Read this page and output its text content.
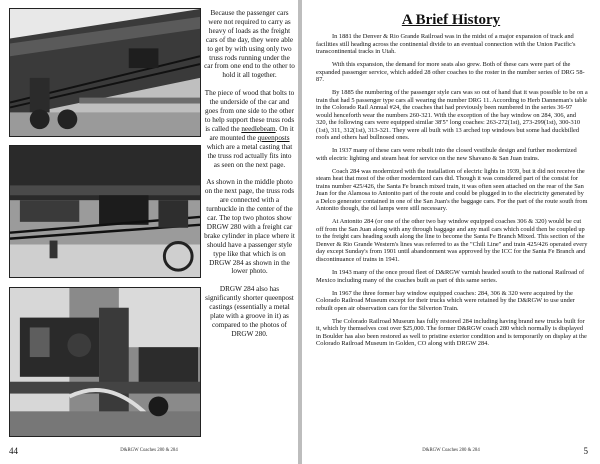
Because the passenger cars were not required to carry as heavy of loads as the freight cars of the day, they were able to get by with using only two truss rods running under the car from one end to the other to hold it all together.

The piece of wood that bolts to the underside of the car and goes from one side to the other to help support these truss rods is called the needlebeam. On it are mounted the queenposts which are a metal casting that the truss rod actually fits into as seen on the next page.

As shown in the middle photo on the next page, the truss rods are connected with a turnbuckle in the center of the car. The top two photos show DRGW 280 with a freight car brake cylinder in place where it should have a passenger style type like that which is on DRGW 284 as shown in the lower photo.

DRGW 284 also has significantly shorter queenpost castings (essentially a metal plate with a groove in it) as compared to the photos of DRGW 280.

44	D&RGW Coaches 280 & 284
A Brief History

In 1881 the Denver & Rio Grande Railroad was in the midst of a major expansion of track and facilities still heading across the continental divide to an eventual connection with the Union Pacific's transcontinental tracks in Utah.

With this expansion, the demand for more seats also grew. Both of these cars were part of the expanded passenger service, which added 28 other coaches to the roster in the number series of DRG 58-87.

By 1885 the numbering of the passenger style cars was so out of hand that it was possible to be on a train that had 5 passenger type cars all wearing the number DRG 11. According to Herb Danneman's table in the Colorado Rail Annual #24, the coaches that had previously been numbered in the series 36-97 would henceforth wear the numbers 260-321. With the exception of the bay window on 284, 306, and 320, the following cars were equipped similar 38'5" long coaches: 263-272(1st), 273-299(1st), 300-310 (1st), 311, 312(1st), 313-321. They were all built with 13 arched top windows but some had duckbilled roofs and others had bullnosed ones.

In 1937 many of these cars were rebuilt into the closed vestibule design and further modernized with electric lighting and steam heat for service on the new Shavano & San Juan trains.

Coach 284 was modernized with the installation of electric lights in 1939, but it did not receive the steam heat that most of the other modernized cars did. Though it was considered part of the consist for trains number 425/426, the Santa Fe branch mixed train, it was often seen attached on the rear of the San Juan for the Alamosa to Antonito part of the route and could be plugged in to the electricity generated by a Delco generator contained in one of the San Juan's the baggage cars. For the part of the route south from Antonito though, the oil lamps were still necessary.

At Antonito 284 (or one of the other two bay window equipped coaches 306 & 320) would be cut off from the San Juan along with any through baggage and any mail cars which could then be coupled up to the freight cars heading south along the line to become the Santa Fe Branch Mixed. This section of the Denver & Rio Grande Western's lines was referred to as the "Chili Line" and train 425/426 operated every day except Sunday's from 1901 until abandonment was approved by the ICC for the Santa Fe Branch and discontinuance of trains in 1941.

In 1943 many of the once proud fleet of D&RGW varnish headed south to the national Railroad of Mexico including many of the coaches built as part of this same series.

In 1967 the three former bay window equipped coaches: 284, 306 & 320 were acquired by the Colorado Railroad Museum except for their trucks which were retained by the D&RGW to use under rebuilt open air observation cars for the Silverton Train.

The Colorado Railroad Museum has fully restored 284 including having brand new trucks built for it, which by themselves cost over $25,000. The former D&RGW coach 280 which normally is displayed in Boulder has also been restored as well to pristine exterior condition and is temporarily on display at the Colorado Railroad Museum in Golden, CO along with DRGW 284.

5
D&RGW Coaches 280 & 284
